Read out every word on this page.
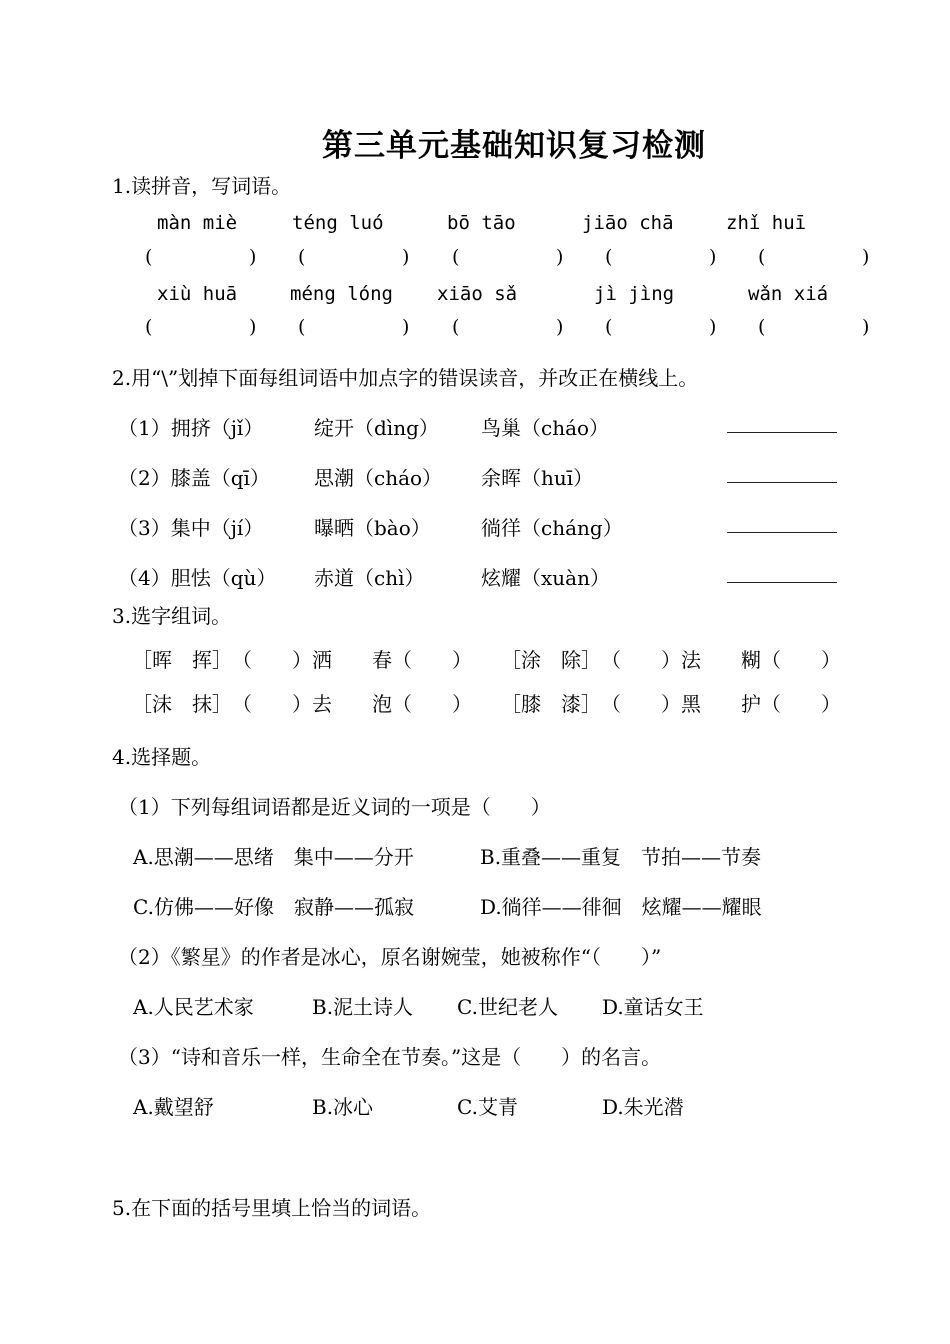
第三单元基础知识复习检测
1.读拼音，写词语。
màn miè	téng luó	bō tāo	jiāo chā	zhǐ huī
(	) (	) (	) (	) (	)
xiù huā	méng lóng xiāo sǎ	jì jìng	wǎn xiá
(	) (	) (	) (	) (	)
2.用“\”划掉下面每组词语中加点字的错误读音，并改正在横线上。
（1）拥挤（jǐ）	绽开（dìng） 鸟巢（cháo）
（2）膝盖（qī） 思潮（cháo） 余晖（huī）
（3）集中（jí）	曝晒（bào）	徜徉（cháng）
（4）胆怯（qù） 赤道（chì）	炫耀（xuàn）
3.选字组词。
［晖　挥］　（　　）洒　　春（　　） ［涂　除］　（　　）法　　糊（　　）
［沫　抹］　（　　）去　　泡（　　） ［膝　漆］　（　　）黑　　护（　　）
4.选择题。
（1）下列每组词语都是近义词的一项是（　　）
A.思潮——思绪　集中——分开	B.重叠——重复　节拍——节奏
C.仿佛——好像　寂静——孤寂	D.徜徉——徘徊　炫耀——耀眼
（2）《繁星》的作者是冰心，原名谢婉莹，她被称作“（　　）”
A.人民艺术家	B.泥土诗人 C.世纪老人 D.童话女王
（3）“诗和音乐一样，生命全在节奏。”这是（　　）的名言。
A.戴望舒	B.冰心	C.艾青	D.朱光潜
5.在下面的括号里填上恰当的词语。
